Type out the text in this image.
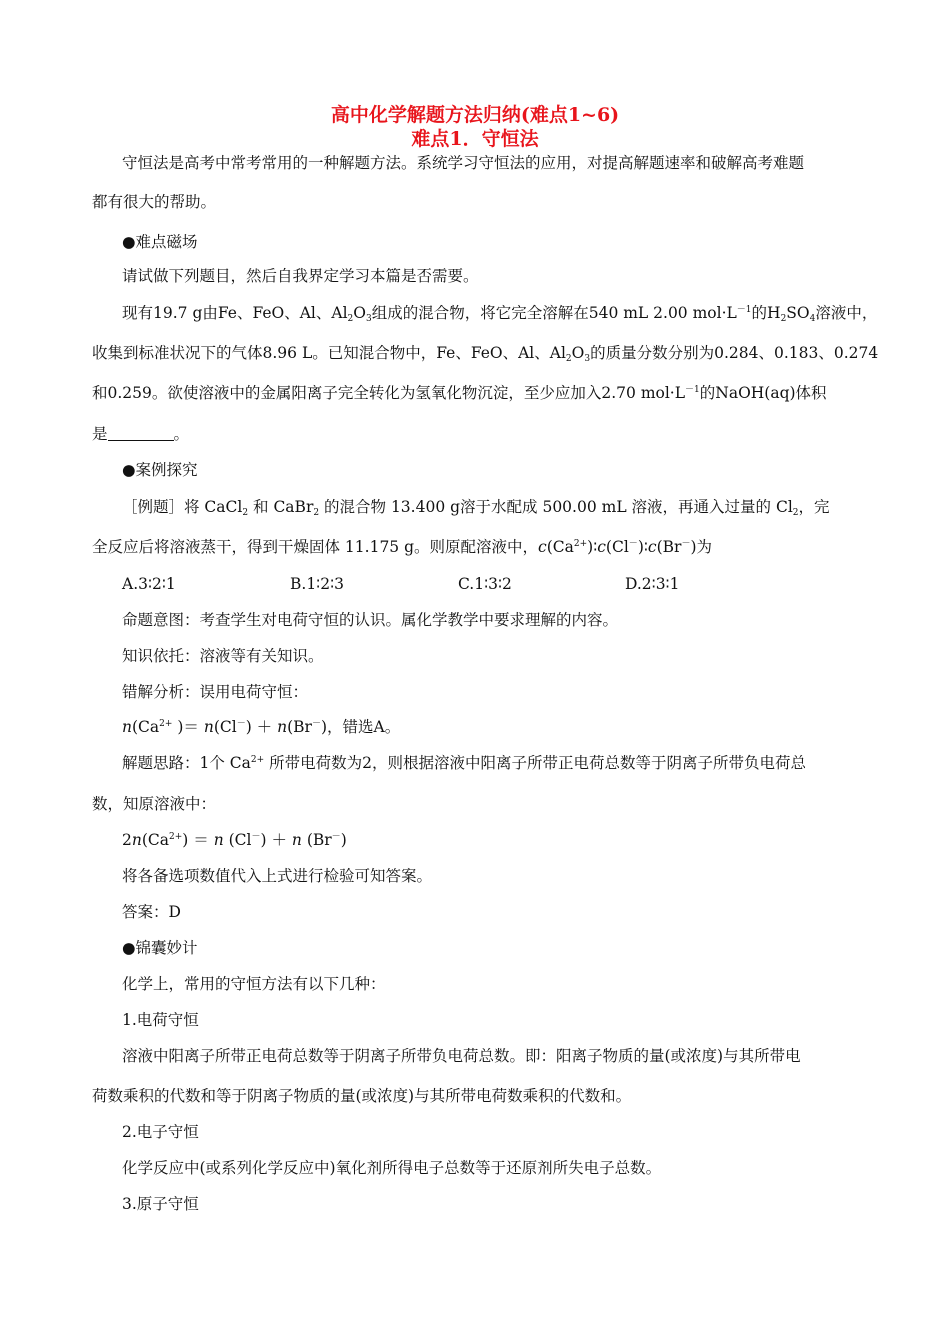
高中化学解题方法归纳(难点1~6)
难点1．守恒法
守恒法是高考中常考常用的一种解题方法。系统学习守恒法的应用，对提高解题速率和破解高考难题
都有很大的帮助。
●难点磁场
请试做下列题目，然后自我界定学习本篇是否需要。
现有19.7 g由Fe、FeO、Al、$Al_2O_3$组成的混合物，将它完全溶解在540 mL 2.00 $mol\cdot L^{-1}$的$H_2SO_4$溶液中，
收集到标准状况下的气体8.96 L。已知混合物中，Fe、FeO、Al、$Al_2O_3$的质量分数分别为0.284、0.183、0.274
和0.259。欲使溶液中的金属阳离子完全转化为氢氧化物沉淀，至少应加入2.70 $mol\cdot L^{-1}$的NaOH(aq)体积
是	。
●案例探究
［例题］将 CaCl$_2$ 和 CaBr$_2$ 的混合物 13.400 g溶于水配成 500.00 mL 溶液，再通入过量的 $Cl_2$，完
全反应后将溶液蒸干，得到干燥固体 11.175 g。则原配溶液中，$c(Ca^{2+})∶c(Cl^-)∶c(Br^-)$为
A.3∶2∶1	B.1∶2∶3	C.1∶3∶2	D.2∶3∶1
命题意图：考查学生对电荷守恒的认识。属化学教学中要求理解的内容。
知识依托：溶液等有关知识。
错解分析：误用电荷守恒：
$n(Ca^{2+}$ )＝ n(Cl－) ＋ n(Br－)，错选A。
解题思路：1个 $Ca^{2+}$ 所带电荷数为2，则根据溶液中阳离子所带正电荷总数等于阴离子所带负电荷总
数，知原溶液中：
$2n(Ca^{2+}) = n$ (Cl－) ＋ n (Br－)
将各备选项数值代入上式进行检验可知答案。
答案：D
●锦囊妙计
化学上，常用的守恒方法有以下几种：
1.电荷守恒
溶液中阳离子所带正电荷总数等于阴离子所带负电荷总数。即：阳离子物质的量(或浓度)与其所带电
荷数乘积的代数和等于阴离子物质的量(或浓度)与其所带电荷数乘积的代数和。
2.电子守恒
化学反应中(或系列化学反应中)氧化剂所得电子总数等于还原剂所失电子总数。
3.原子守恒
